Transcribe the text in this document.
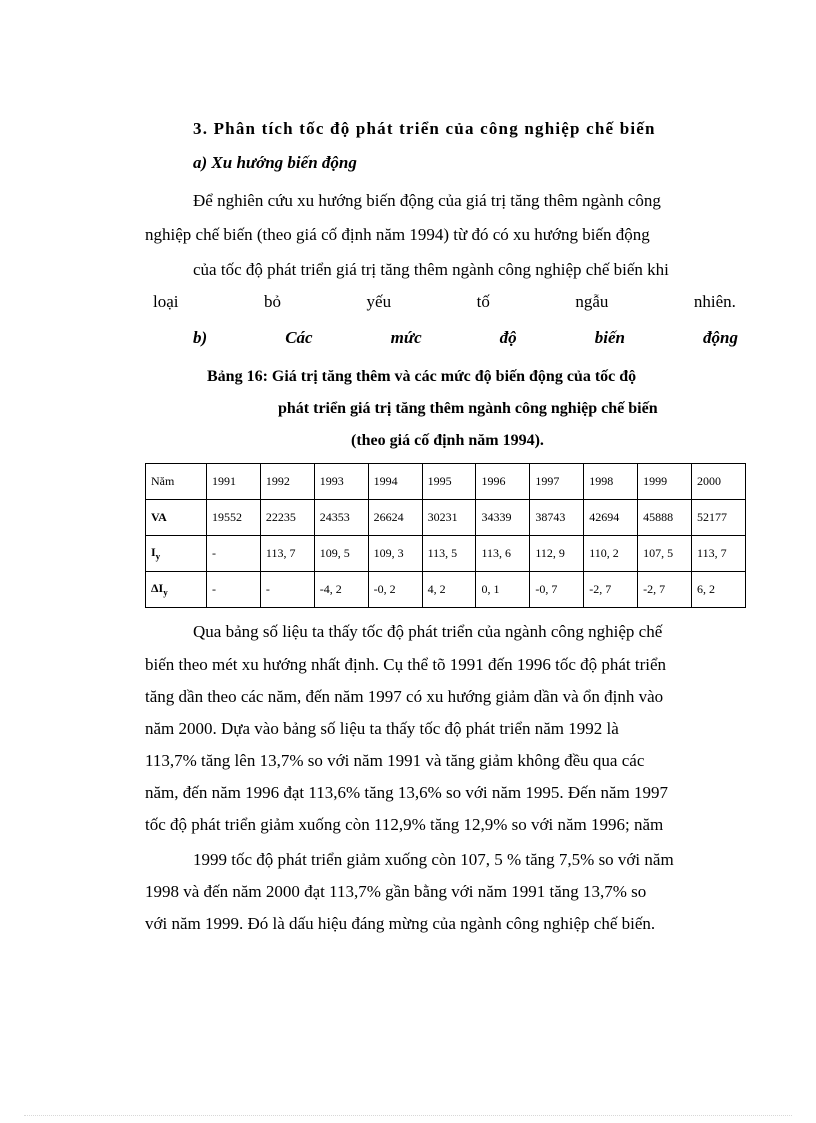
3. Phân tích tốc độ phát triển của công nghiệp chế biến
a) Xu hướng biến động
Để nghiên cứu xu hướng biến động của giá trị tăng thêm ngành công
nghiệp chế biến (theo giá cố định năm 1994) từ đó có xu hướng biến động
của tốc độ phát triển giá trị tăng thêm ngành công nghiệp chế biến khi
loại	bỏ	yếu	tố	ngẫu	nhiên.
b)	Các	mức	độ	biến	động
Bảng 16: Giá trị tăng thêm và các mức độ biến động của tốc độ
phát triển giá trị tăng thêm ngành công nghiệp chế biến
(theo giá cố định năm 1994).
Năm	1991	1992	1993	1994	1995	1996	1997	1998	1999	2000
VA	19552	22235	24353	26624	30231	34339	38743	42694	45888	52177
$I_y$	-	113, 7	109, 5	109, 3	113, 5	113, 6	112, 9	110, 2	107, 5	113, 7
$\Delta I_y$	-	-	-4, 2	-0, 2	4, 2	0, 1	-0, 7	-2, 7	-2, 7	6, 2
Qua bảng số liệu ta thấy tốc độ phát triển của ngành công nghiệp chế
biến theo mét xu hướng nhất định. Cụ thể tõ 1991 đến 1996 tốc độ phát triển
tăng dần theo các năm, đến năm 1997 có xu hướng giảm dần và ổn định vào
năm 2000. Dựa vào bảng số liệu ta thấy tốc độ phát triển năm 1992 là
113,7% tăng lên 13,7% so với năm 1991 và tăng giảm không đều qua các
năm, đến năm 1996 đạt 113,6% tăng 13,6% so với năm 1995. Đến năm 1997
tốc độ phát triển giảm xuống còn 112,9% tăng 12,9% so với năm 1996; năm
1999 tốc độ phát triển giảm xuống còn 107, 5 % tăng 7,5% so với năm
1998 và đến năm 2000 đạt 113,7% gần bằng với năm 1991 tăng 13,7% so
với năm 1999. Đó là dấu hiệu đáng mừng của ngành công nghiệp chế biến.
